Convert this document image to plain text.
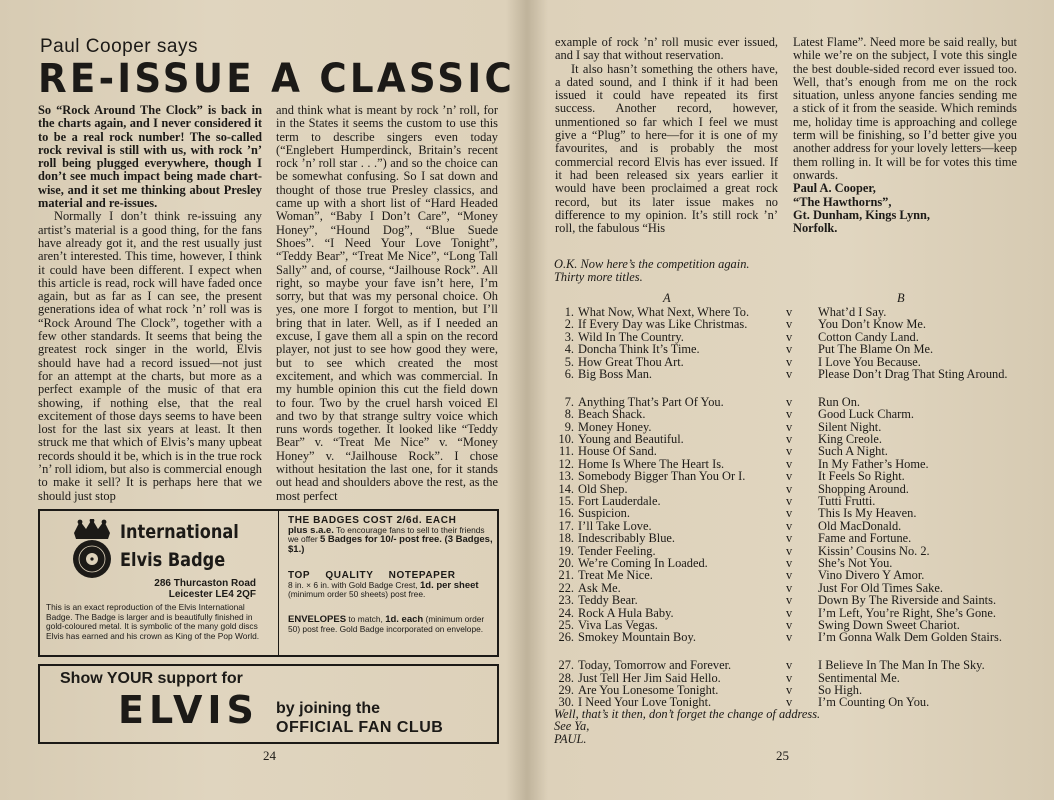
Paul Cooper says
RE-ISSUE A CLASSIC

So “Rock Around The Clock” is back in the charts again, and I never considered it to be a real rock number! The so-called rock revival is still with us, with rock ’n’ roll being plugged everywhere, though I don’t see much impact being made chart-wise, and it set me thinking about Presley material and re-issues.

Normally I don’t think re-issuing any artist’s material is a good thing, for the fans have already got it, and the rest usually just aren’t interested. This time, however, I think it could have been different. I expect when this article is read, rock will have faded once again, but as far as I can see, the present generations idea of what rock ’n’ roll was is “Rock Around The Clock”, together with a few other standards. It seems that being the greatest rock singer in the world, Elvis should have had a record issued—not just for an attempt at the charts, but more as a perfect example of the music of that era showing, if nothing else, that the real excitement of those days seems to have been lost for the last six years at least. It then struck me that which of Elvis’s many upbeat records should it be, which is in the true rock ’n’ roll idiom, but also is commercial enough to make it sell? It is perhaps here that we should just stop

and think what is meant by rock ’n’ roll, for in the States it seems the custom to use this term to describe singers even today (“Englebert Humperdinck, Britain’s recent rock ’n’ roll star . . .”) and so the choice can be somewhat confusing. So I sat down and thought of those true Presley classics, and came up with a short list of “Hard Headed Woman”, “Baby I Don’t Care”, “Money Honey”, “Hound Dog”, “Blue Suede Shoes”. “I Need Your Love Tonight”, “Teddy Bear”, “Treat Me Nice”, “Long Tall Sally” and, of course, “Jailhouse Rock”. All right, so maybe your fave isn’t here, I’m sorry, but that was my personal choice. Oh yes, one more I forgot to mention, but I’ll bring that in later. Well, as if I needed an excuse, I gave them all a spin on the record player, not just to see how good they were, but to see which created the most excitement, and which was commercial. In my humble opinion this cut the field down to four. Two by the cruel harsh voiced El and two by that strange sultry voice which runs words together. It looked like “Teddy Bear” v. “Treat Me Nice” v. “Money Honey” v. “Jailhouse Rock”. I chose without hesitation the last one, for it stands out head and shoulders above the rest, as the most perfect

International
Elvis Badge
286 Thurcaston Road
Leicester LE4 2QF
This is an exact reproduction of the Elvis International Badge. The Badge is larger and is beautifully finished in gold-coloured metal. It is symbolic of the many gold discs Elvis has earned and his crown as King of the Pop World.
THE BADGES COST 2/6d. EACH
plus s.a.e. To encourage fans to sell to their friends we offer 5 Badges for 10/- post free. (3 Badges, $1.)
TOP QUALITY NOTEPAPER
8 in. × 6 in. with Gold Badge Crest, 1d. per sheet (minimum order 50 sheets) post free.
ENVELOPES to match, 1d. each (minimum order 50) post free. Gold Badge incorporated on envelope.
Show YOUR support for
ELVIS by joining the
OFFICIAL FAN CLUB
24

example of rock ’n’ roll music ever issued, and I say that without reservation.

It also hasn’t something the others have, a dated sound, and I think if it had been issued it could have repeated its first success. Another record, however, unmentioned so far which I feel we must give a “Plug” to here—for it is one of my favourites, and is probably the most commercial record Elvis has ever issued. If it had been released six years earlier it would have been proclaimed a great rock record, but its later issue makes no difference to my opinion. It’s still rock ’n’ roll, the fabulous “His

Latest Flame”. Need more be said really, but while we’re on the subject, I vote this single the best double-sided record ever issued too. Well, that’s enough from me on the rock situation, unless anyone fancies sending me a stick of it from the seaside. Which reminds me, holiday time is approaching and college term will be finishing, so I’d better give you another address for your lovely letters—keep them rolling in. It will be for votes this time onwards.

Paul A. Cooper,
“The Hawthorns”,
Gt. Dunham, Kings Lynn,
Norfolk.
O.K. Now here’s the competition again.
Thirty more titles.
A	B
1. What Now, What Next, Where To.	v What’d I Say.
2. If Every Day was Like Christmas.	v You Don’t Know Me.
3. Wild In The Country.	v Cotton Candy Land.
4. Doncha Think It’s Time.	v Put The Blame On Me.
5. How Great Thou Art.	v I Love You Because.
6. Big Boss Man.	v Please Don’t Drag That Sting Around.
7. Anything That’s Part Of You.	v Run On.
8. Beach Shack.	v Good Luck Charm.
9. Money Honey.	v Silent Night.
10. Young and Beautiful.	v King Creole.
11. House Of Sand.	v Such A Night.
12. Home Is Where The Heart Is.	v In My Father’s Home.
13. Somebody Bigger Than You Or I.	v It Feels So Right.
14. Old Shep.	v Shopping Around.
15. Fort Lauderdale.	v Tutti Frutti.
16. Suspicion.	v This Is My Heaven.
17. I’ll Take Love.	v Old MacDonald.
18. Indescribably Blue.	v Fame and Fortune.
19. Tender Feeling.	v Kissin’ Cousins No. 2.
20. We’re Coming In Loaded.	v She’s Not You.
21. Treat Me Nice.	v Vino Divero Y Amor.
22. Ask Me.	v Just For Old Times Sake.
23. Teddy Bear.	v Down By The Riverside and Saints.
24. Rock A Hula Baby.	v I’m Left, You’re Right, She’s Gone.
25. Viva Las Vegas.	v Swing Down Sweet Chariot.
26. Smokey Mountain Boy.	v I’m Gonna Walk Dem Golden Stairs.
27. Today, Tomorrow and Forever.	v I Believe In The Man In The Sky.
28. Just Tell Her Jim Said Hello.	v Sentimental Me.
29. Are You Lonesome Tonight.	v So High.
30. I Need Your Love Tonight.	v I’m Counting On You.
Well, that’s it then, don’t forget the change of address.
See Ya,
PAUL.
25
